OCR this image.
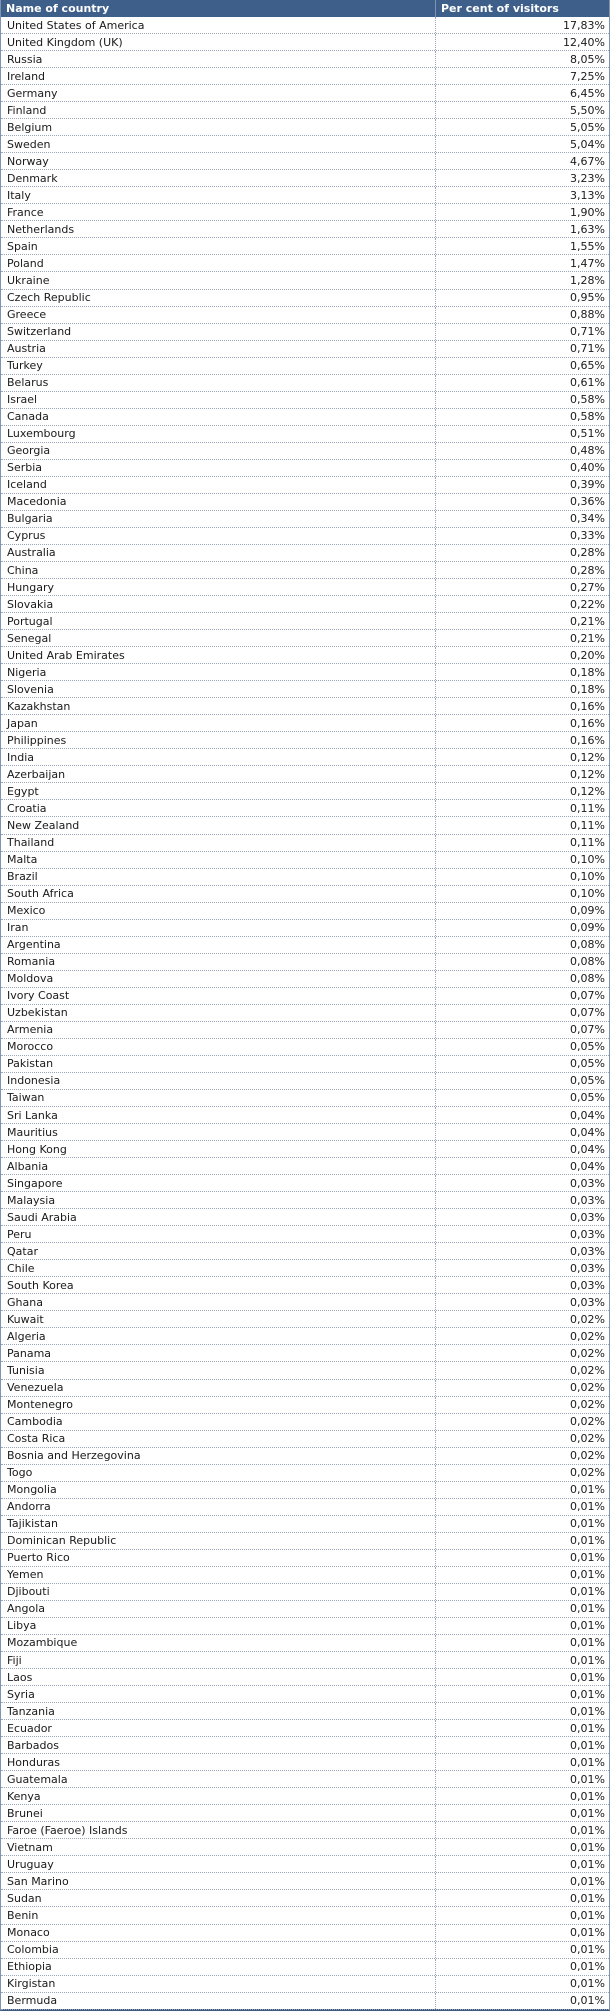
Name of country	Per cent of visitors
United States of America	17,83%
United Kingdom (UK)	12,40%
Russia	8,05%
Ireland	7,25%
Germany	6,45%
Finland	5,50%
Belgium	5,05%
Sweden	5,04%
Norway	4,67%
Denmark	3,23%
Italy	3,13%
France	1,90%
Netherlands	1,63%
Spain	1,55%
Poland	1,47%
Ukraine	1,28%
Czech Republic	0,95%
Greece	0,88%
Switzerland	0,71%
Austria	0,71%
Turkey	0,65%
Belarus	0,61%
Israel	0,58%
Canada	0,58%
Luxembourg	0,51%
Georgia	0,48%
Serbia	0,40%
Iceland	0,39%
Macedonia	0,36%
Bulgaria	0,34%
Cyprus	0,33%
Australia	0,28%
China	0,28%
Hungary	0,27%
Slovakia	0,22%
Portugal	0,21%
Senegal	0,21%
United Arab Emirates	0,20%
Nigeria	0,18%
Slovenia	0,18%
Kazakhstan	0,16%
Japan	0,16%
Philippines	0,16%
India	0,12%
Azerbaijan	0,12%
Egypt	0,12%
Croatia	0,11%
New Zealand	0,11%
Thailand	0,11%
Malta	0,10%
Brazil	0,10%
South Africa	0,10%
Mexico	0,09%
Iran	0,09%
Argentina	0,08%
Romania	0,08%
Moldova	0,08%
Ivory Coast	0,07%
Uzbekistan	0,07%
Armenia	0,07%
Morocco	0,05%
Pakistan	0,05%
Indonesia	0,05%
Taiwan	0,05%
Sri Lanka	0,04%
Mauritius	0,04%
Hong Kong	0,04%
Albania	0,04%
Singapore	0,03%
Malaysia	0,03%
Saudi Arabia	0,03%
Peru	0,03%
Qatar	0,03%
Chile	0,03%
South Korea	0,03%
Ghana	0,03%
Kuwait	0,02%
Algeria	0,02%
Panama	0,02%
Tunisia	0,02%
Venezuela	0,02%
Montenegro	0,02%
Cambodia	0,02%
Costa Rica	0,02%
Bosnia and Herzegovina	0,02%
Togo	0,02%
Mongolia	0,01%
Andorra	0,01%
Tajikistan	0,01%
Dominican Republic	0,01%
Puerto Rico	0,01%
Yemen	0,01%
Djibouti	0,01%
Angola	0,01%
Libya	0,01%
Mozambique	0,01%
Fiji	0,01%
Laos	0,01%
Syria	0,01%
Tanzania	0,01%
Ecuador	0,01%
Barbados	0,01%
Honduras	0,01%
Guatemala	0,01%
Kenya	0,01%
Brunei	0,01%
Faroe (Faeroe) Islands	0,01%
Vietnam	0,01%
Uruguay	0,01%
San Marino	0,01%
Sudan	0,01%
Benin	0,01%
Monaco	0,01%
Colombia	0,01%
Ethiopia	0,01%
Kirgistan	0,01%
Bermuda	0,01%
